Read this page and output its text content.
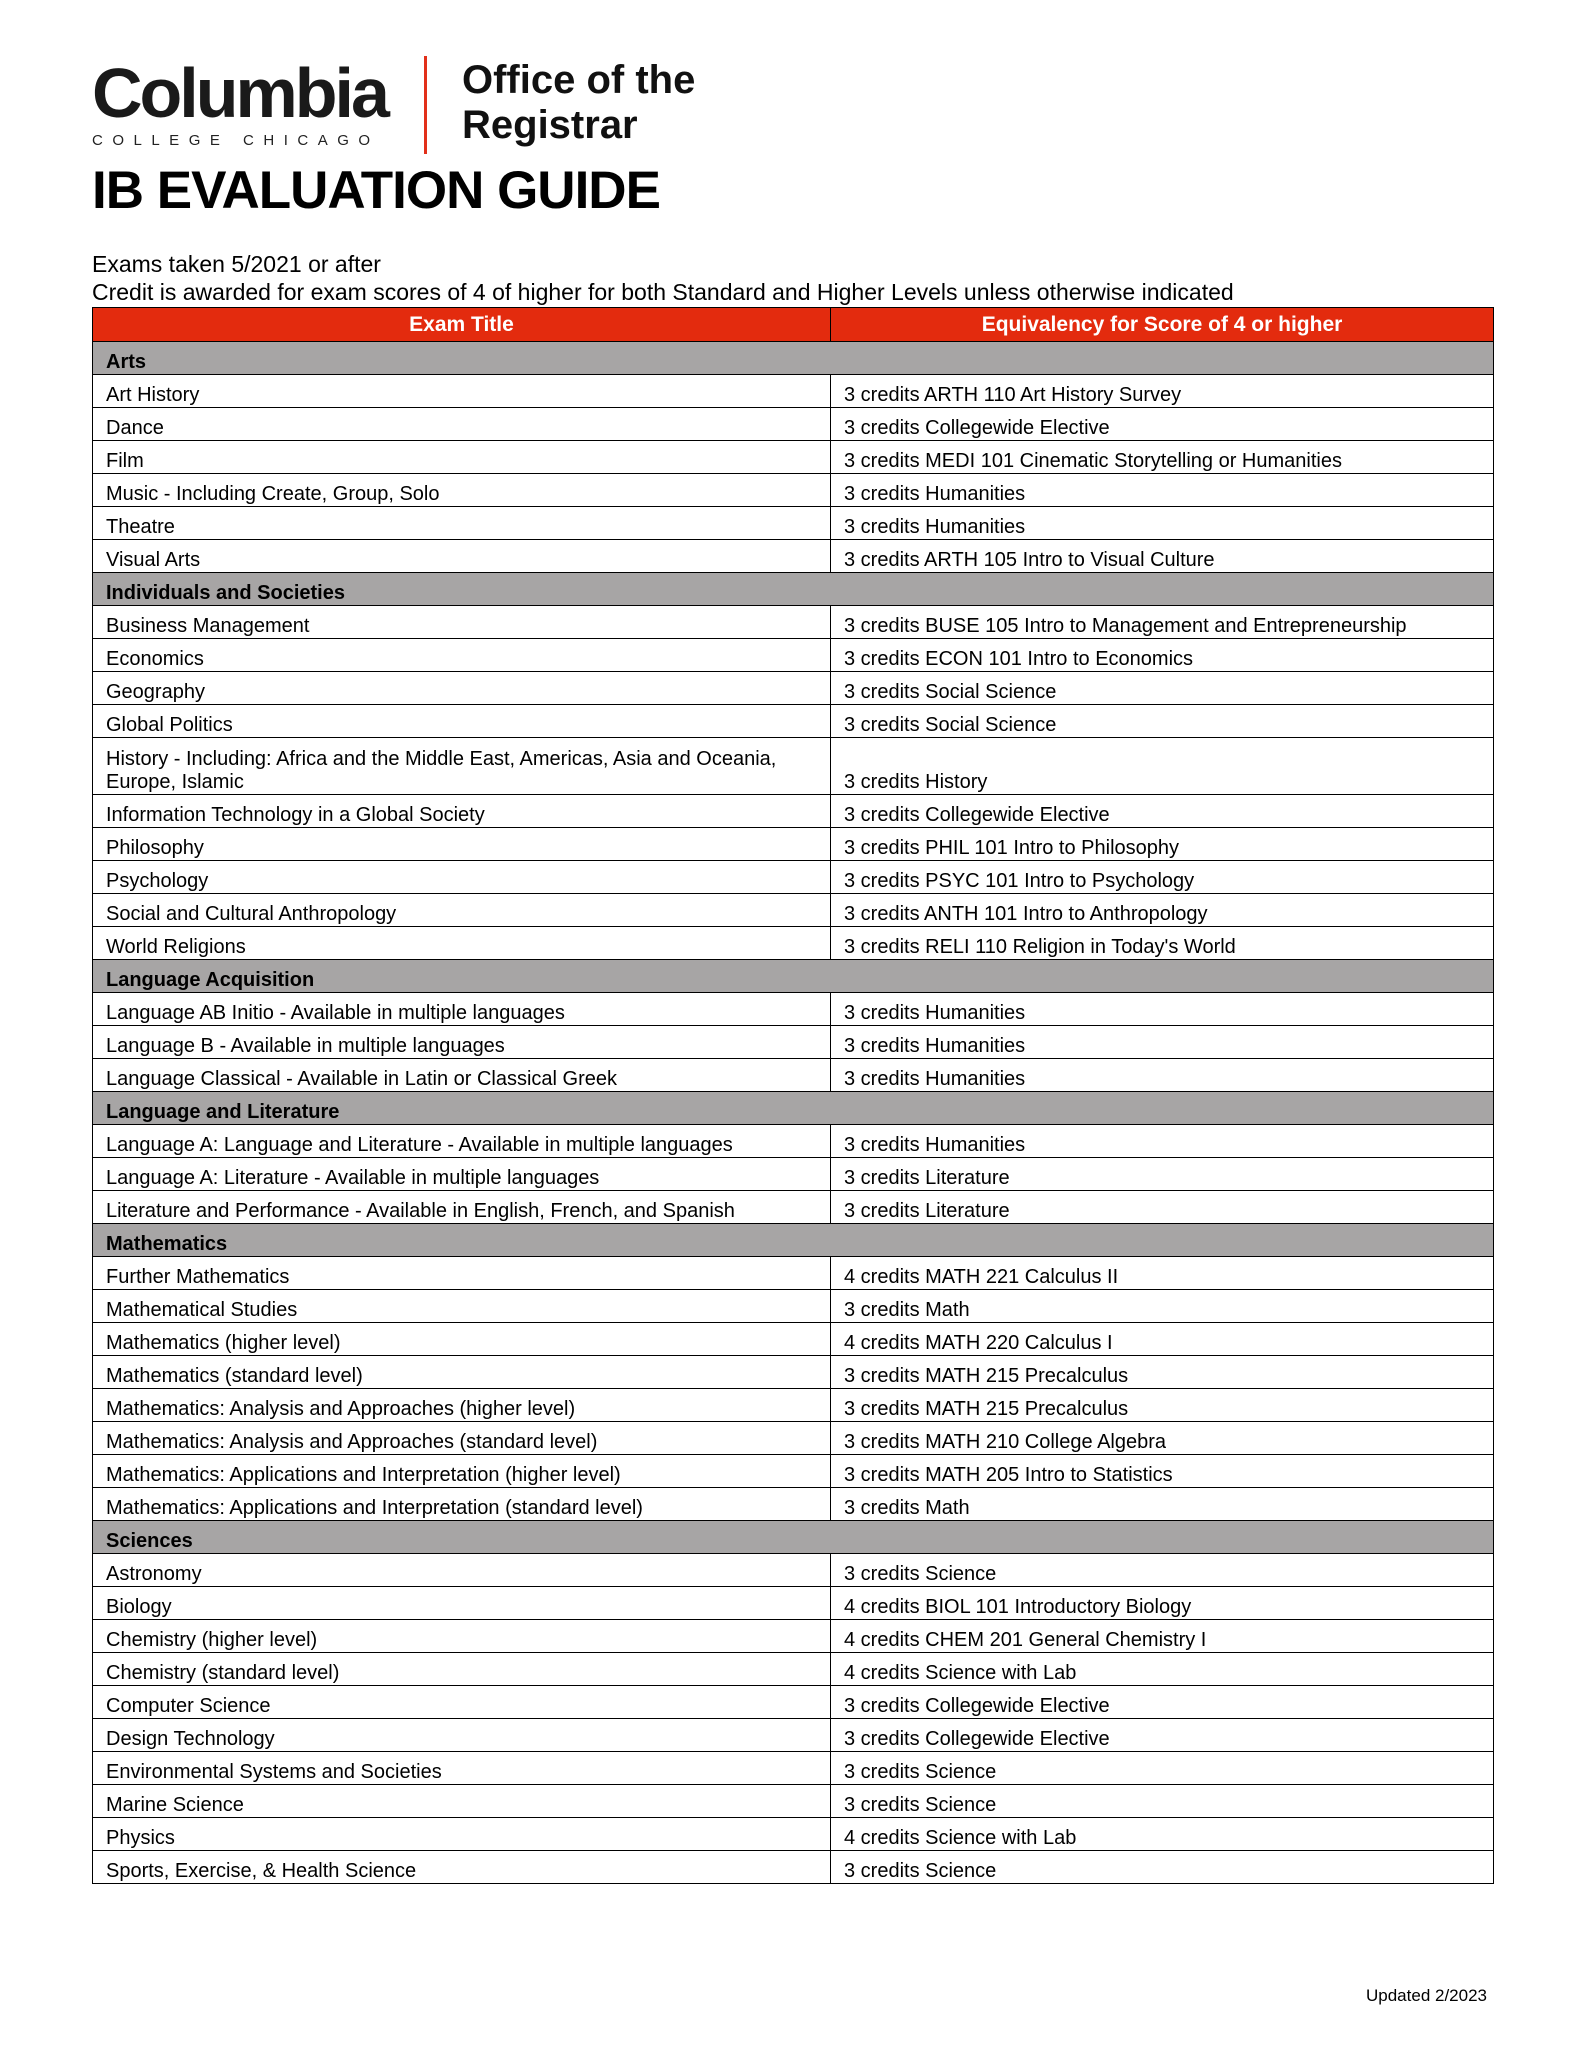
Columbia
COLLEGE CHICAGO
Office of the
Registrar
IB EVALUATION GUIDE
Exams taken 5/2021 or after
Credit is awarded for exam scores of 4 of higher for both Standard and Higher Levels unless otherwise indicated
Exam Title	Equivalency for Score of 4 or higher
Arts	
Art History	3 credits ARTH 110 Art History Survey
Dance	3 credits Collegewide Elective
Film	3 credits MEDI 101 Cinematic Storytelling or Humanities
Music - Including Create, Group, Solo	3 credits Humanities
Theatre	3 credits Humanities
Visual Arts	3 credits ARTH 105 Intro to Visual Culture
Individuals and Societies	
Business Management	3 credits BUSE 105 Intro to Management and Entrepreneurship
Economics	3 credits ECON 101 Intro to Economics
Geography	3 credits Social Science
Global Politics	3 credits Social Science
History - Including: Africa and the Middle East, Americas, Asia and Oceania, Europe, Islamic	3 credits History
Information Technology in a Global Society	3 credits Collegewide Elective
Philosophy	3 credits PHIL 101 Intro to Philosophy
Psychology	3 credits PSYC 101 Intro to Psychology
Social and Cultural Anthropology	3 credits ANTH 101 Intro to Anthropology
World Religions	3 credits RELI 110 Religion in Today's World
Language Acquisition	
Language AB Initio - Available in multiple languages	3 credits Humanities
Language B - Available in multiple languages	3 credits Humanities
Language Classical - Available in Latin or Classical Greek	3 credits Humanities
Language and Literature	
Language A: Language and Literature - Available in multiple languages	3 credits Humanities
Language A: Literature - Available in multiple languages	3 credits Literature
Literature and Performance - Available in English, French, and Spanish	3 credits Literature
Mathematics	
Further Mathematics	4 credits MATH 221 Calculus II
Mathematical Studies	3 credits Math
Mathematics (higher level)	4 credits MATH 220 Calculus I
Mathematics (standard level)	3 credits MATH 215 Precalculus
Mathematics: Analysis and Approaches (higher level)	3 credits MATH 215 Precalculus
Mathematics: Analysis and Approaches (standard level)	3 credits MATH 210 College Algebra
Mathematics: Applications and Interpretation (higher level)	3 credits MATH 205 Intro to Statistics
Mathematics: Applications and Interpretation (standard level)	3 credits Math
Sciences	
Astronomy	3 credits Science
Biology	4 credits BIOL 101 Introductory Biology
Chemistry (higher level)	4 credits CHEM 201 General Chemistry I
Chemistry (standard level)	4 credits Science with Lab
Computer Science	3 credits Collegewide Elective
Design Technology	3 credits Collegewide Elective
Environmental Systems and Societies	3 credits Science
Marine Science	3 credits Science
Physics	4 credits Science with Lab
Sports, Exercise, & Health Science	3 credits Science
Updated 2/2023
